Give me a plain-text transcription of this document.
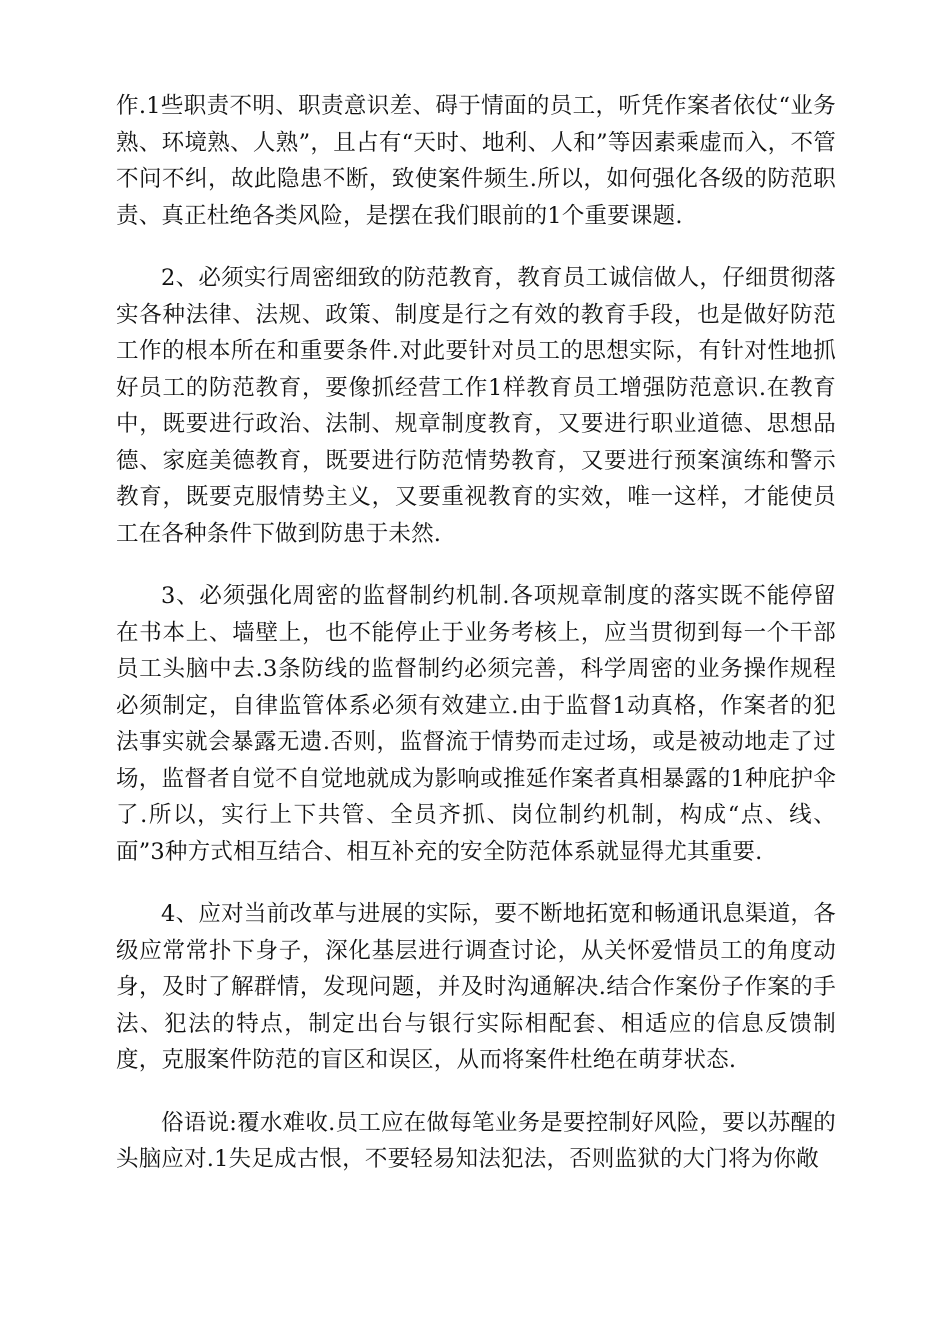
作.1些职责不明、职责意识差、碍于情面的员工，听凭作案者依仗“业务熟、环境熟、人熟”，且占有“天时、地利、人和”等因素乘虚而入，不管不问不纠，故此隐患不断，致使案件频生.所以，如何强化各级的防范职责、真正杜绝各类风险，是摆在我们眼前的1个重要课题.

2、必须实行周密细致的防范教育，教育员工诚信做人，仔细贯彻落实各种法律、法规、政策、制度是行之有效的教育手段，也是做好防范工作的根本所在和重要条件.对此要针对员工的思想实际，有针对性地抓好员工的防范教育，要像抓经营工作1样教育员工增强防范意识.在教育中，既要进行政治、法制、规章制度教育，又要进行职业道德、思想品德、家庭美德教育，既要进行防范情势教育，又要进行预案演练和警示教育，既要克服情势主义，又要重视教育的实效，唯一这样，才能使员工在各种条件下做到防患于未然.

3、必须强化周密的监督制约机制.各项规章制度的落实既不能停留在书本上、墙壁上，也不能停止于业务考核上，应当贯彻到每一个干部员工头脑中去.3条防线的监督制约必须完善，科学周密的业务操作规程必须制定，自律监管体系必须有效建立.由于监督1动真格，作案者的犯法事实就会暴露无遗.否则，监督流于情势而走过场，或是被动地走了过场，监督者自觉不自觉地就成为影响或推延作案者真相暴露的1种庇护伞了.所以，实行上下共管、全员齐抓、岗位制约机制，构成“点、线、面”3种方式相互结合、相互补充的安全防范体系就显得尤其重要.

4、应对当前改革与进展的实际，要不断地拓宽和畅通讯息渠道，各级应常常扑下身子，深化基层进行调查讨论，从关怀爱惜员工的角度动身，及时了解群情，发现问题，并及时沟通解决.结合作案份子作案的手法、犯法的特点，制定出台与银行实际相配套、相适应的信息反馈制度，克服案件防范的盲区和误区，从而将案件杜绝在萌芽状态.

俗语说:覆水难收.员工应在做每笔业务是要控制好风险，要以苏醒的头脑应对.1失足成古恨，不要轻易知法犯法，否则监狱的大门将为你敞
